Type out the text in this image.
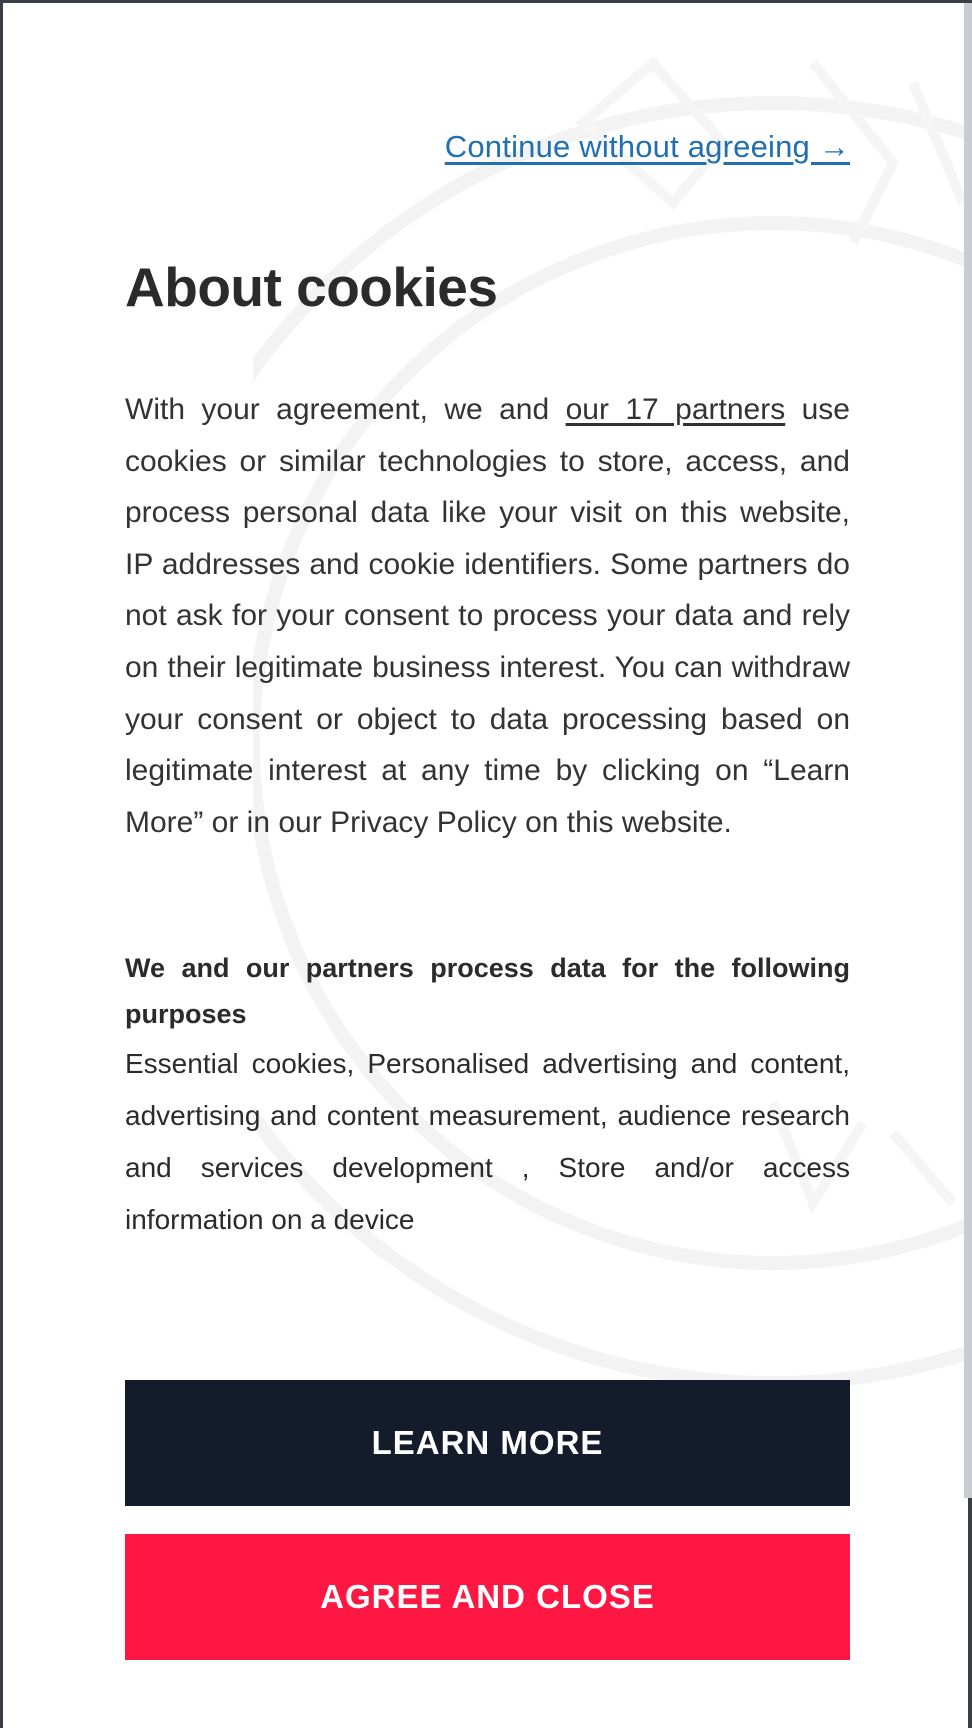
Continue without agreeing →
About cookies

With your agreement, we and our 17 partners use cookies or similar technologies to store, access, and process personal data like your visit on this website, IP addresses and cookie identifiers. Some partners do not ask for your consent to process your data and rely on their legitimate business interest. You can withdraw your consent or object to data processing based on legitimate interest at any time by clicking on “Learn More” or in our Privacy Policy on this website.

We and our partners process data for the following purposes

Essential cookies, Personalised advertising and content, advertising and content measurement, audience research and services development , Store and/or access information on a device

LEARN MORE
AGREE AND CLOSE
